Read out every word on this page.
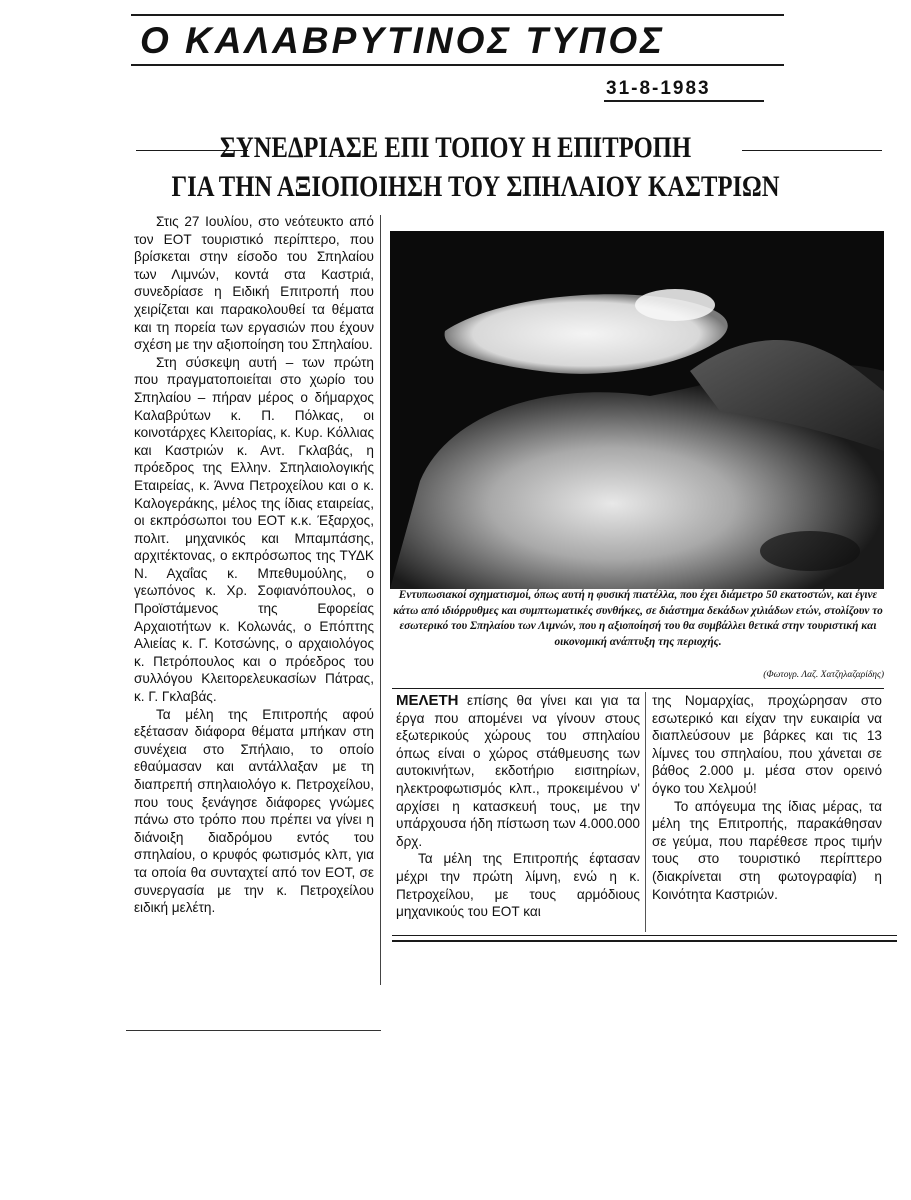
Ο ΚΑΛΑΒΡΥΤΙΝΟΣ ΤΥΠΟΣ
31-8-1983
ΣΥΝΕΔΡΙΑΣΕ ΕΠΙ ΤΟΠΟΥ Η ΕΠΙΤΡΟΠΗ
ΓΙΑ ΤΗΝ ΑΞΙΟΠΟΙΗΣΗ ΤΟΥ ΣΠΗΛΑΙΟΥ ΚΑΣΤΡΙΩΝ

Στις 27 Ιουλίου, στο νεότευκτο από τον ΕΟΤ τουριστικό περίπτερο, που βρίσκεται στην είσοδο του Σπηλαίου των Λιμνών, κοντά στα Καστριά, συνεδρίασε η Ειδική Επιτροπή που χειρίζεται και παρακολουθεί τα θέματα και τη πορεία των εργασιών που έχουν σχέση με την αξιοποίηση του Σπηλαίου.

Στη σύσκεψη αυτή – των πρώτη που πραγματοποιείται στο χωρίο του Σπηλαίου – πήραν μέρος ο δήμαρχος Καλαβρύτων κ. Π. Πόλκας, οι κοινοτάρχες Κλειτορίας, κ. Κυρ. Κόλλιας και Καστριών κ. Αντ. Γκλαβάς, η πρόεδρος της Ελλην. Σπηλαιολογικής Εταιρείας, κ. Άννα Πετροχείλου και ο κ. Καλογεράκης, μέλος της ίδιας εταιρείας, οι εκπρόσωποι του ΕΟΤ κ.κ. Έξαρχος, πολιτ. μηχανικός και Μπαμπάσης, αρχιτέκτονας, ο εκπρόσωπος της ΤΥΔΚ Ν. Αχαΐας κ. Μπεθυμούλης, ο γεωπόνος κ. Χρ. Σοφιανόπουλος, ο Προϊστάμενος της Εφορείας Αρχαιοτήτων κ. Κολωνάς, ο Επόπτης Αλιείας κ. Γ. Κοτσώνης, ο αρχαιολόγος κ. Πετρόπουλος και ο πρόεδρος του συλλόγου Κλειτορελευκασίων Πάτρας, κ. Γ. Γκλαβάς.

Τα μέλη της Επιτροπής αφού εξέτασαν διάφορα θέματα μπήκαν στη συνέχεια στο Σπήλαιο, το οποίο εθαύμασαν και αντάλλαξαν με τη διαπρεπή σπηλαιολόγο κ. Πετροχείλου, που τους ξενάγησε διάφορες γνώμες πάνω στο τρόπο που πρέπει να γίνει η διάνοιξη διαδρόμου εντός του σπηλαίου, ο κρυφός φωτισμός κλπ, για τα οποία θα συνταχτεί από τον ΕΟΤ, σε συνεργασία με την κ. Πετροχείλου ειδική μελέτη.

Εντυπωσιακοί σχηματισμοί, όπως αυτή η φυσική πιατέλλα, που έχει διάμετρο 50 εκατοστών, και έγινε κάτω από ιδιόρρυθμες και συμπτωματικές συνθήκες, σε διάστημα δεκάδων χιλιάδων ετών, στολίζουν το εσωτερικό του Σπηλαίου των Λιμνών, που η αξιοποίησή του θα συμβάλλει θετικά στην τουριστική και οικονομική ανάπτυξη της περιοχής.
(Φωτογρ. Λαζ. Χατζηλαζαρίδης)

ΜΕΛΕΤΗ επίσης θα γίνει και για τα έργα που απομένει να γίνουν στους εξωτερικούς χώρους του σπηλαίου όπως είναι ο χώρος στάθμευσης των αυτοκινήτων, εκδοτήριο εισιτηρίων, ηλεκτροφωτισμός κλπ., προκειμένου ν' αρχίσει η κατασκευή τους, με την υπάρχουσα ήδη πίστωση των 4.000.000 δρχ.

Τα μέλη της Επιτροπής έφτασαν μέχρι την πρώτη λίμνη, ενώ η κ. Πετροχείλου, με τους αρμόδιους μηχανικούς του ΕΟΤ και

της Νομαρχίας, προχώρησαν στο εσωτερικό και είχαν την ευκαιρία να διαπλεύσουν με βάρκες και τις 13 λίμνες του σπηλαίου, που χάνεται σε βάθος 2.000 μ. μέσα στον ορεινό όγκο του Χελμού!

Το απόγευμα της ίδιας μέρας, τα μέλη της Επιτροπής, παρακάθησαν σε γεύμα, που παρέθεσε προς τιμήν τους στο τουριστικό περίπτερο (διακρίνεται στη φωτογραφία) η Κοινότητα Καστριών.
